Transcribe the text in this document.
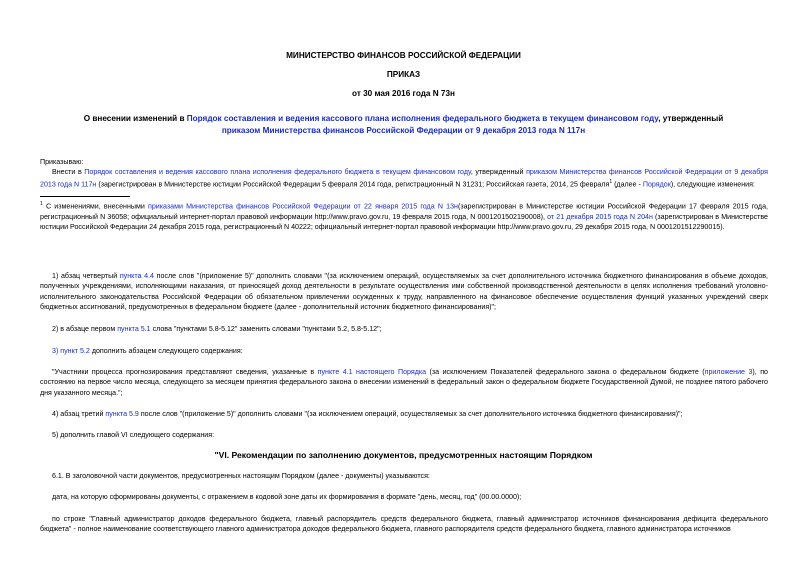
МИНИСТЕРСТВО ФИНАНСОВ РОССИЙСКОЙ ФЕДЕРАЦИИ
ПРИКАЗ
от 30 мая 2016 года N 73н
О внесении изменений в Порядок составления и ведения кассового плана исполнения федерального бюджета в текущем финансовом году, утвержденный
приказом Министерства финансов Российской Федерации от 9 декабря 2013 года N 117н
Приказываю:
Внести в Порядок составления и ведения кассового плана исполнения федерального бюджета в текущем финансовом году, утвержденный приказом Министерства финансов Российской Федерации от 9 декабря 2013 года N 117н (зарегистрирован в Министерстве юстиции Российской Федерации 5 февраля 2014 года, регистрационный N 31231; Российская газета, 2014, 25 февраля$^1$ (далее - Порядок), следующие изменения:
$^1$ С изменениями, внесенными приказами Министерства финансов Российской Федерации от 22 января 2015 года N 13н(зарегистрирован в Министерстве юстиции Российской Федерации 17 февраля 2015 года, регистрационный N 36058; официальный интернет-портал правовой информации http://www.pravo.gov.ru, 19 февраля 2015 года, N 0001201502190008), от 21 декабря 2015 года N 204н (зарегистрирован в Министерстве юстиции Российской Федерации 24 декабря 2015 года, регистрационный N 40222; официальный интернет-портал правовой информации http://www.pravo.gov.ru, 29 декабря 2015 года, N 0001201512290015).
1) абзац четвертый пункта 4.4 после слов "(приложение 5)" дополнить словами "(за исключением операций, осуществляемых за счет дополнительного источника бюджетного финансирования в объеме доходов, полученных учреждениями, исполняющими наказания, от приносящей доход деятельности в результате осуществления ими собственной производственной деятельности в целях исполнения требований уголовно-исполнительного законодательства Российской Федерации об обязательном привлечении осужденных к труду, направленного на финансовое обеспечение осуществления функций указанных учреждений сверх бюджетных ассигнований, предусмотренных в федеральном бюджете (далее - дополнительный источник бюджетного финансирования)";
2) в абзаце первом пункта 5.1 слова "пунктами 5.8-5.12" заменить словами "пунктами 5.2, 5.8-5.12";
3) пункт 5.2 дополнить абзацем следующего содержания:
"Участники процесса прогнозирования представляют сведения, указанные в пункте 4.1 настоящего Порядка (за исключением Показателей федерального закона о федеральном бюджете (приложение 3), по состоянию на первое число месяца, следующего за месяцем принятия федерального закона о внесении изменений в федеральный закон о федеральном бюджете Государственной Думой, не позднее пятого рабочего дня указанного месяца.";
4) абзац третий пункта 5.9 после слов "(приложение 5)" дополнить словами "(за исключением операций, осуществляемых за счет дополнительного источника бюджетного финансирования)";
5) дополнить главой VI следующего содержания:
"VI. Рекомендации по заполнению документов, предусмотренных настоящим Порядком
6.1. В заголовочной части документов, предусмотренных настоящим Порядком (далее - документы) указываются:
дата, на которую сформированы документы, с отражением в кодовой зоне даты их формирования в формате "день, месяц, год" (00.00.0000);
по строке "Главный администратор доходов федерального бюджета, главный распорядитель средств федерального бюджета, главный администратор источников финансирования дефицита федерального бюджета" - полное наименование соответствующего главного администратора доходов федерального бюджета, главного распорядителя средств федерального бюджета, главного администратора источников
